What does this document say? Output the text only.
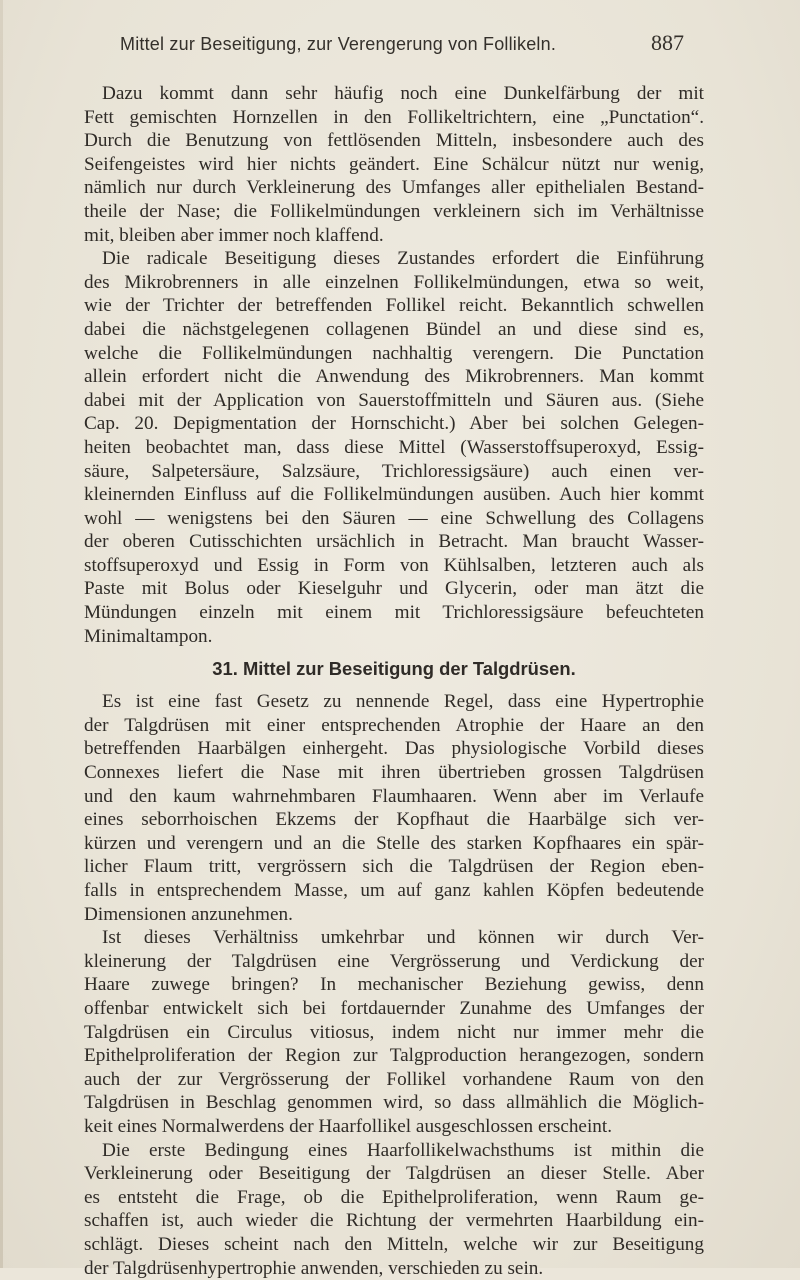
Mittel zur Beseitigung, zur Verengerung von Follikeln.	887
Dazu kommt dann sehr häufig noch eine Dunkelfärbung der mit
Fett gemischten Hornzellen in den Follikeltrichtern, eine „Punctation“.
Durch die Benutzung von fettlösenden Mitteln, insbesondere auch des
Seifengeistes wird hier nichts geändert. Eine Schälcur nützt nur wenig,
nämlich nur durch Verkleinerung des Umfanges aller epithelialen Bestand-
theile der Nase; die Follikelmündungen verkleinern sich im Verhältnisse
mit, bleiben aber immer noch klaffend.
Die radicale Beseitigung dieses Zustandes erfordert die Einführung
des Mikrobrenners in alle einzelnen Follikelmündungen, etwa so weit,
wie der Trichter der betreffenden Follikel reicht. Bekanntlich schwellen
dabei die nächstgelegenen collagenen Bündel an und diese sind es,
welche die Follikelmündungen nachhaltig verengern. Die Punctation
allein erfordert nicht die Anwendung des Mikrobrenners. Man kommt
dabei mit der Application von Sauerstoffmitteln und Säuren aus. (Siehe
Cap. 20. Depigmentation der Hornschicht.) Aber bei solchen Gelegen-
heiten beobachtet man, dass diese Mittel (Wasserstoffsuperoxyd, Essig-
säure, Salpetersäure, Salzsäure, Trichloressigsäure) auch einen ver-
kleinernden Einfluss auf die Follikelmündungen ausüben. Auch hier kommt
wohl — wenigstens bei den Säuren — eine Schwellung des Collagens
der oberen Cutisschichten ursächlich in Betracht. Man braucht Wasser-
stoffsuperoxyd und Essig in Form von Kühlsalben, letzteren auch als
Paste mit Bolus oder Kieselguhr und Glycerin, oder man ätzt die
Mündungen einzeln mit einem mit Trichloressigsäure befeuchteten
Minimaltampon.
31. Mittel zur Beseitigung der Talgdrüsen.
Es ist eine fast Gesetz zu nennende Regel, dass eine Hypertrophie
der Talgdrüsen mit einer entsprechenden Atrophie der Haare an den
betreffenden Haarbälgen einhergeht. Das physiologische Vorbild dieses
Connexes liefert die Nase mit ihren übertrieben grossen Talgdrüsen
und den kaum wahrnehmbaren Flaumhaaren. Wenn aber im Verlaufe
eines seborrhoischen Ekzems der Kopfhaut die Haarbälge sich ver-
kürzen und verengern und an die Stelle des starken Kopfhaares ein spär-
licher Flaum tritt, vergrössern sich die Talgdrüsen der Region eben-
falls in entsprechendem Masse, um auf ganz kahlen Köpfen bedeutende
Dimensionen anzunehmen.
Ist dieses Verhältniss umkehrbar und können wir durch Ver-
kleinerung der Talgdrüsen eine Vergrösserung und Verdickung der
Haare zuwege bringen? In mechanischer Beziehung gewiss, denn
offenbar entwickelt sich bei fortdauernder Zunahme des Umfanges der
Talgdrüsen ein Circulus vitiosus, indem nicht nur immer mehr die
Epithelproliferation der Region zur Talgproduction herangezogen, sondern
auch der zur Vergrösserung der Follikel vorhandene Raum von den
Talgdrüsen in Beschlag genommen wird, so dass allmählich die Möglich-
keit eines Normalwerdens der Haarfollikel ausgeschlossen erscheint.
Die erste Bedingung eines Haarfollikelwachsthums ist mithin die
Verkleinerung oder Beseitigung der Talgdrüsen an dieser Stelle. Aber
es entsteht die Frage, ob die Epithelproliferation, wenn Raum ge-
schaffen ist, auch wieder die Richtung der vermehrten Haarbildung ein-
schlägt. Dieses scheint nach den Mitteln, welche wir zur Beseitigung
der Talgdrüsenhypertrophie anwenden, verschieden zu sein.
